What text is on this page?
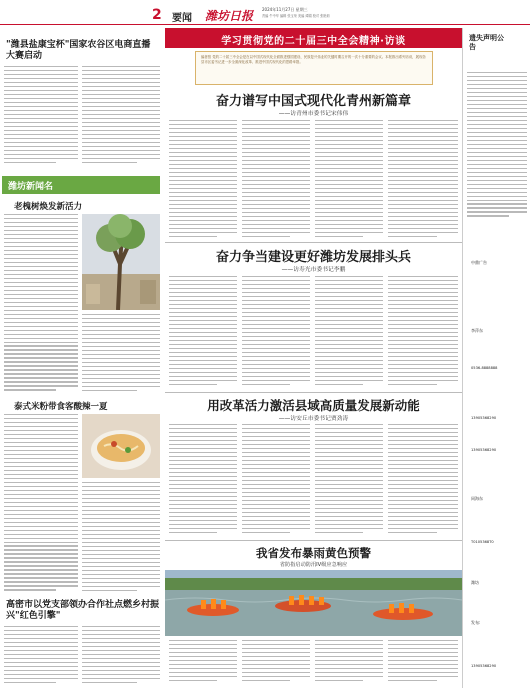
2 要闻 潍坊日报 2024年11月27日 星期三
责编 牛中华 编辑 张玉荣 美编 谭娟 校对 张艳莉
"潍县盐康宝杯"国家农谷区电商直播大赛启动
潍坊新闻名
老槐树焕发新活力
泰式米粉带食客酸辣一夏
高密市以党支部领办合作社点燃乡村振兴"红色引擎"
学习贯彻党的二十届三中全会精神·访谈

编者按 党的二十届三中全会是在以中国式现代化全面推进强国建设、民族复兴伟业的关键时期召开的一次十分重要的会议。本报推出系列访谈，展现各县市区委书记进一步全面深化改革、推进中国式现代化的思路举措。

奋力谱写中国式现代化青州新篇章
——访青州市委书记宋伟伟
奋力争当建设更好潍坊发展排头兵
——访寿光市委书记李鹏
用改革活力激活县域高质量发展新动能
——访安丘市委书记贾劲涛
我省发布暴雨黄色预警
省防指启动防汛IV级应急响应
遗失声明公告
中鼎广告
李萍东
0536-8888888
13905368290
13905368290
同海东
T0105368T0
潍坊
发布:
13905368290
